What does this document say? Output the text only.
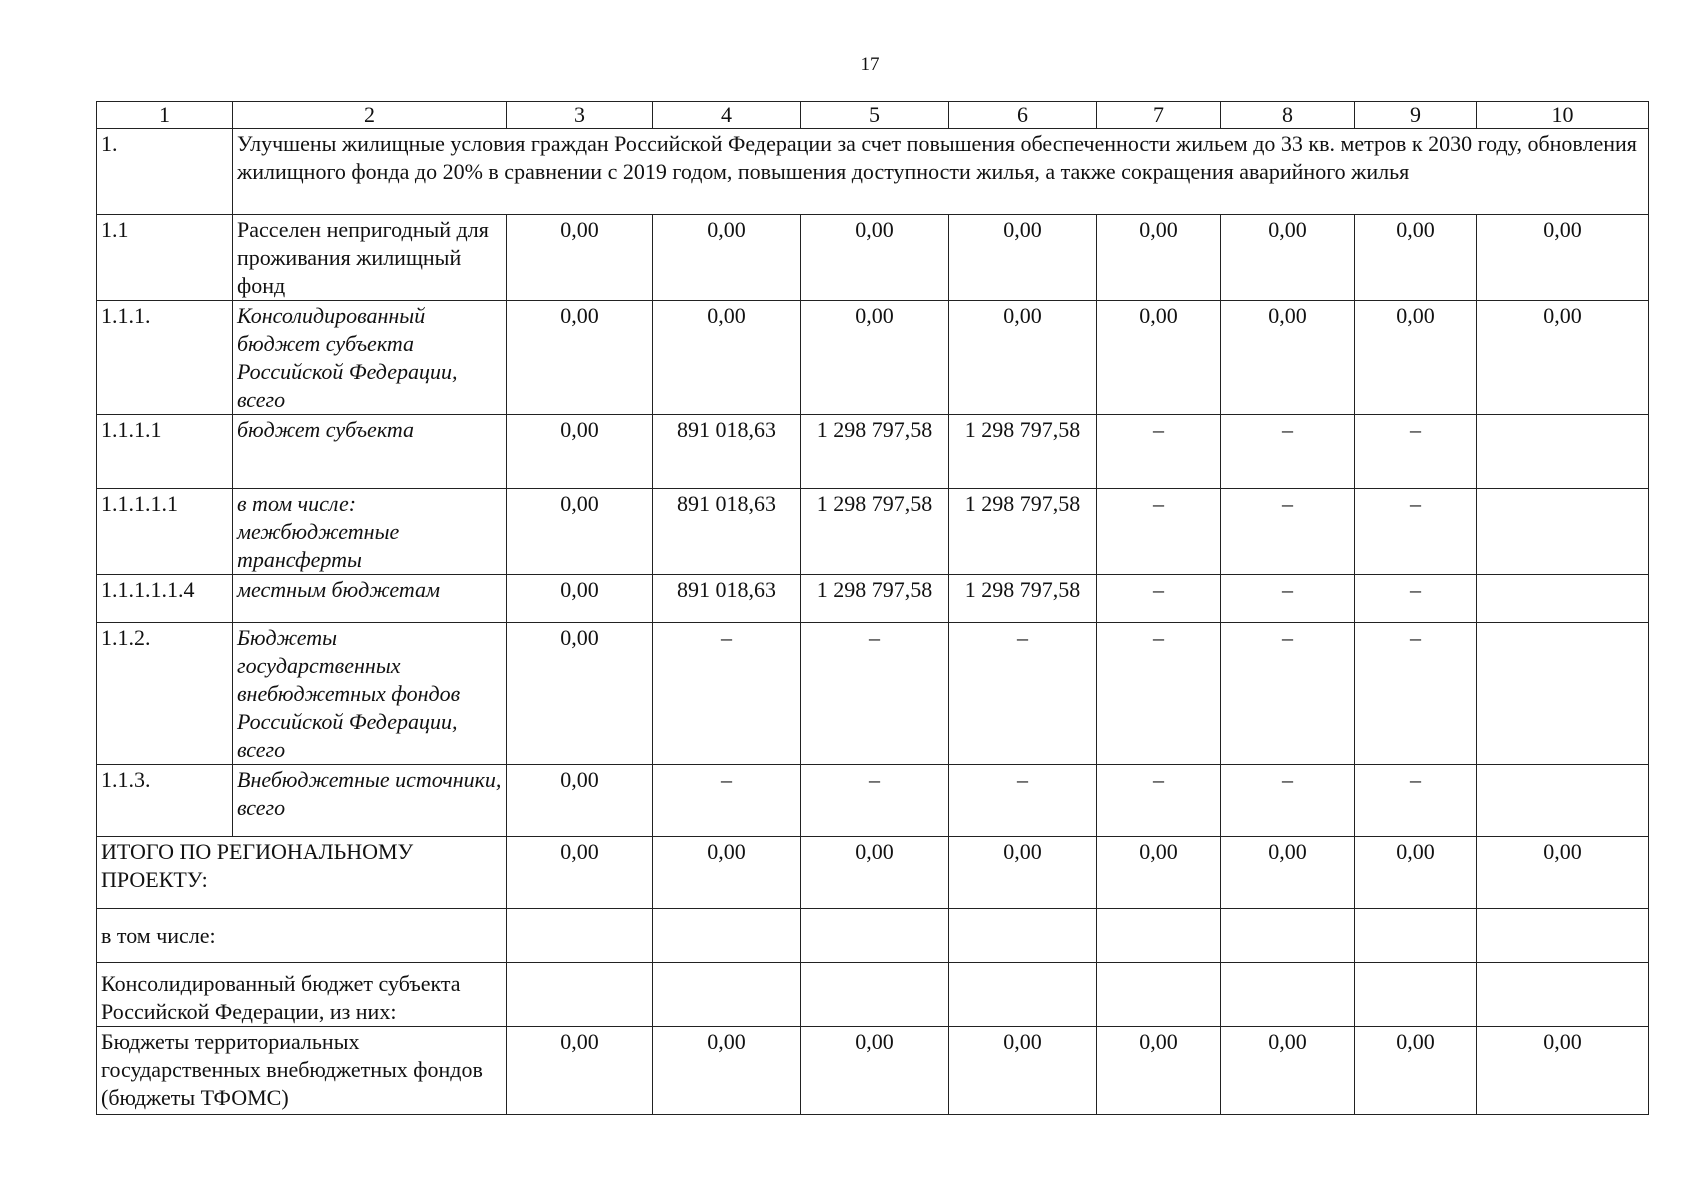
17
1	2	3	4	5	6	7	8	9	10
1.	Улучшены жилищные условия граждан Российской Федерации за счет повышения обеспеченности жильем до 33 кв. метров к 2030 году, обновления жилищного фонда до 20% в сравнении с 2019 годом, повышения доступности жилья, а также сокращения аварийного жилья								
1.1	Расселен непригодный для проживания жилищный фонд	0,00	0,00	0,00	0,00	0,00	0,00	0,00	0,00
1.1.1.	Консолидированный бюджет субъекта Российской Федерации, всего	0,00	0,00	0,00	0,00	0,00	0,00	0,00	0,00
1.1.1.1	бюджет субъекта	0,00	891 018,63	1 298 797,58	1 298 797,58	–	–	–	
1.1.1.1.1	в том числе: межбюджетные трансферты	0,00	891 018,63	1 298 797,58	1 298 797,58	–	–	–	
1.1.1.1.1.4	местным бюджетам	0,00	891 018,63	1 298 797,58	1 298 797,58	–	–	–	
1.1.2.	Бюджеты государственных внебюджетных фондов Российской Федерации, всего	0,00	–	–	–	–	–	–	
1.1.3.	Внебюджетные источники, всего	0,00	–	–	–	–	–	–	
ИТОГО ПО РЕГИОНАЛЬНОМУ ПРОЕКТУ:		0,00	0,00	0,00	0,00	0,00	0,00	0,00	0,00
в том числе:									
Консолидированный бюджет субъекта Российской Федерации, из них:									
Бюджеты территориальных государственных внебюджетных фондов (бюджеты ТФОМС)		0,00	0,00	0,00	0,00	0,00	0,00	0,00	0,00
